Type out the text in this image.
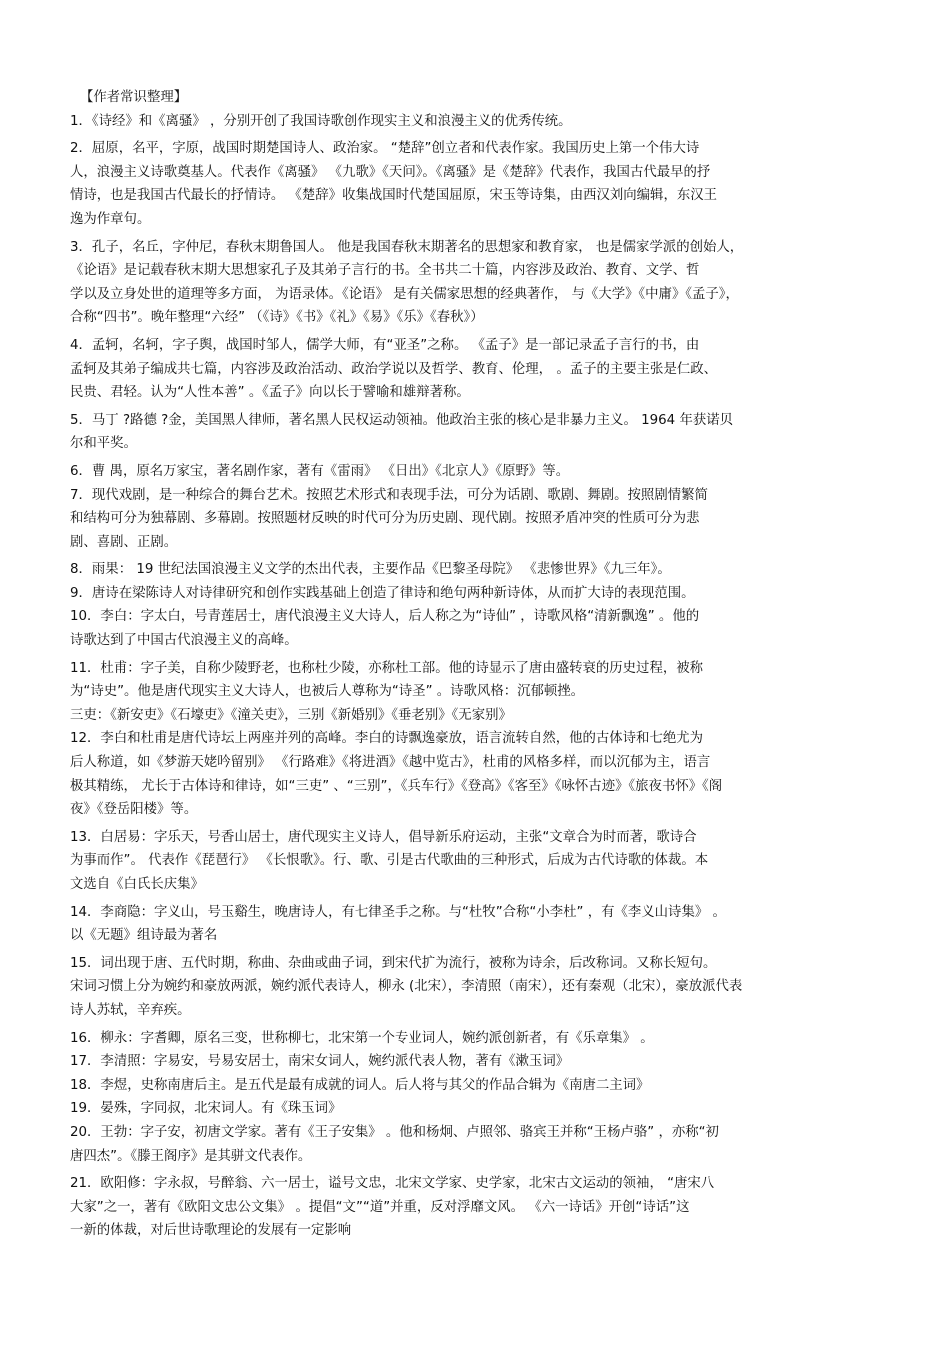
【作者常识整理】
1．《诗经》和《离骚》 ，分别开创了我国诗歌创作现实主义和浪漫主义的优秀传统。
2．屈原，名平，字原，战国时期楚国诗人、政治家。 “楚辞”创立者和代表作家。我国历史上第一个伟大诗
人，浪漫主义诗歌奠基人。代表作《离骚》 《九歌》《天问》。《离骚》是《楚辞》代表作，我国古代最早的抒
情诗，也是我国古代最长的抒情诗。 《楚辞》收集战国时代楚国屈原，宋玉等诗集，由西汉刘向编辑，东汉王
逸为作章句。
3．孔子，名丘，字仲尼，春秋末期鲁国人。 他是我国春秋末期著名的思想家和教育家， 也是儒家学派的创始人，
《论语》是记载春秋末期大思想家孔子及其弟子言行的书。全书共二十篇，内容涉及政治、教育、文学、哲
学以及立身处世的道理等多方面， 为语录体。《论语》 是有关儒家思想的经典著作， 与《大学》《中庸》《孟子》，
合称“四书”。晚年整理“六经” （《诗》《书》《礼》《易》《乐》《春秋》）
4．孟轲，名轲，字子舆，战国时邹人，儒学大师，有“亚圣”之称。 《孟子》是一部记录孟子言行的书，由
孟轲及其弟子编成共七篇，内容涉及政治活动、政治学说以及哲学、教育、伦理， 。孟子的主要主张是仁政、
民贵、君轻。认为“人性本善” 。《孟子》向以长于譬喻和雄辩著称。
5．马丁 ?路德 ?金，美国黑人律师，著名黑人民权运动领袖。他政治主张的核心是非暴力主义。 1964 年获诺贝
尔和平奖。
6．曹 禺，原名万家宝，著名剧作家，著有《雷雨》 《日出》《北京人》《原野》等。
7．现代戏剧，是一种综合的舞台艺术。按照艺术形式和表现手法，可分为话剧、歌剧、舞剧。按照剧情繁简
和结构可分为独幕剧、多幕剧。按照题材反映的时代可分为历史剧、现代剧。按照矛盾冲突的性质可分为悲
剧、喜剧、正剧。
8．雨果： 19 世纪法国浪漫主义文学的杰出代表，主要作品《巴黎圣母院》 《悲惨世界》《九三年》。
9．唐诗在梁陈诗人对诗律研究和创作实践基础上创造了律诗和绝句两种新诗体，从而扩大诗的表现范围。
10．李白：字太白，号青莲居士，唐代浪漫主义大诗人，后人称之为“诗仙” ，诗歌风格“清新飘逸” 。他的
诗歌达到了中国古代浪漫主义的高峰。
11．杜甫：字子美，自称少陵野老，也称杜少陵，亦称杜工部。他的诗显示了唐由盛转衰的历史过程，被称
为“诗史”。他是唐代现实主义大诗人，也被后人尊称为“诗圣” 。诗歌风格：沉郁顿挫。
三吏：《新安吏》《石壕吏》《潼关吏》，三别《新婚别》《垂老别》《无家别》
12．李白和杜甫是唐代诗坛上两座并列的高峰。李白的诗飘逸豪放，语言流转自然，他的古体诗和七绝尤为
后人称道，如《梦游天姥吟留别》 《行路难》《将进酒》《越中览古》，杜甫的风格多样，而以沉郁为主，语言
极其精练， 尤长于古体诗和律诗，如“三吏” 、“三别”，《兵车行》《登高》《客至》《咏怀古迹》《旅夜书怀》《阁
夜》《登岳阳楼》等。
13．白居易：字乐天，号香山居士，唐代现实主义诗人，倡导新乐府运动，主张“文章合为时而著，歌诗合
为事而作”。 代表作《琵琶行》 《长恨歌》。行、歌、引是古代歌曲的三种形式，后成为古代诗歌的体裁。本
文选自《白氏长庆集》
14．李商隐：字义山，号玉谿生，晚唐诗人，有七律圣手之称。与“杜牧”合称“小李杜” ，有《李义山诗集》 。
以《无题》组诗最为著名
15．词出现于唐、五代时期，称曲、杂曲或曲子词，到宋代扩为流行，被称为诗余，后改称词。又称长短句。
宋词习惯上分为婉约和豪放两派，婉约派代表诗人，柳永 (北宋），李清照（南宋），还有秦观（北宋），豪放派代表
诗人苏轼，辛弃疾。
16．柳永：字耆卿，原名三变，世称柳七，北宋第一个专业词人，婉约派创新者，有《乐章集》 。
17．李清照：字易安，号易安居士，南宋女词人，婉约派代表人物，著有《漱玉词》
18．李煜，史称南唐后主。是五代是最有成就的词人。后人将与其父的作品合辑为《南唐二主词》
19．晏殊，字同叔，北宋词人。有《珠玉词》
20．王勃：字子安，初唐文学家。著有《王子安集》 。他和杨炯、卢照邻、骆宾王并称“王杨卢骆” ，亦称“初
唐四杰”。《滕王阁序》是其骈文代表作。
21．欧阳修：字永叔，号醉翁、六一居士，谥号文忠，北宋文学家、史学家，北宋古文运动的领袖， “唐宋八
大家”之一，著有《欧阳文忠公文集》 。提倡“文”“道”并重，反对浮靡文风。 《六一诗话》开创“诗话”这
一新的体裁，对后世诗歌理论的发展有一定影响
